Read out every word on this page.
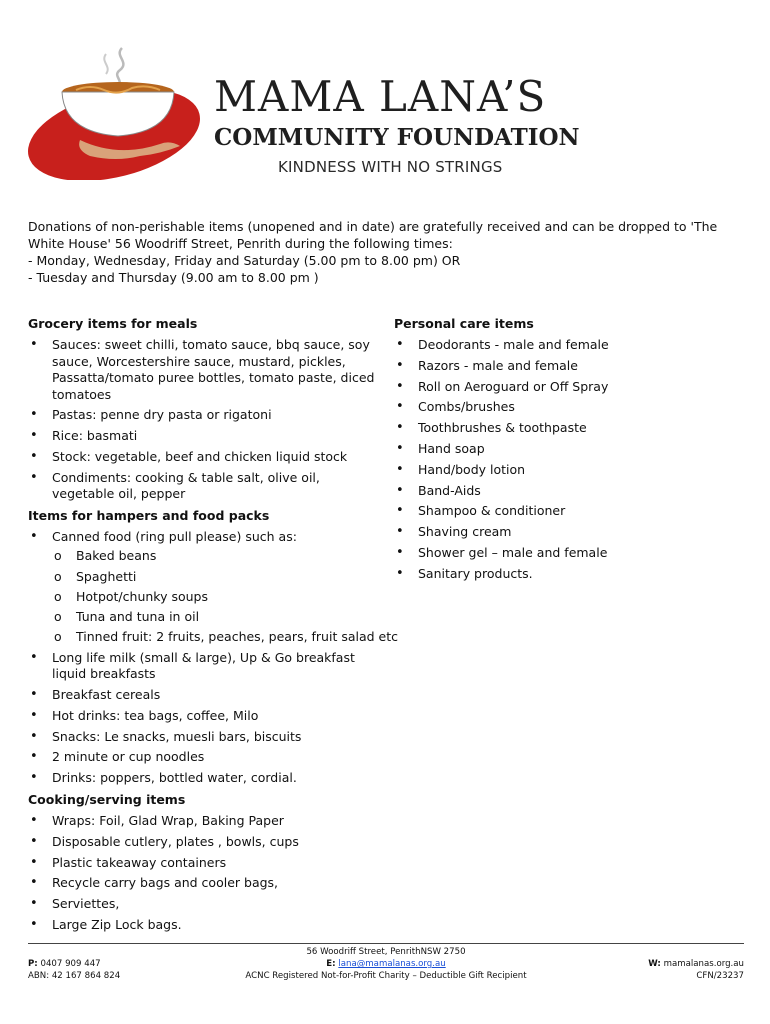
MAMA LANA’S
COMMUNITY FOUNDATION
KINDNESS WITH NO STRINGS

Donations of non-perishable items (unopened and in date) are gratefully received and can be dropped to 'The

White House' 56 Woodriff Street, Penrith during the following times:

- Monday, Wednesday, Friday and Saturday (5.00 pm to 8.00 pm) OR

- Tuesday and Thursday (9.00 am to 8.00 pm )

Grocery items for meals
• Sauces: sweet chilli, tomato sauce, bbq sauce, soy sauce, Worcestershire sauce, mustard, pickles, Passatta/tomato puree bottles, tomato paste, diced tomatoes
• Pastas: penne dry pasta or rigatoni
• Rice: basmati
• Stock: vegetable, beef and chicken liquid stock
• Condiments: cooking & table salt, olive oil, vegetable oil, pepper
Items for hampers and food packs
• Canned food (ring pull please) such as:
o Baked beans
o Spaghetti
o Hotpot/chunky soups
o Tuna and tuna in oil
o Tinned fruit: 2 fruits, peaches, pears, fruit salad etc
• Long life milk (small & large), Up & Go breakfast liquid breakfasts
• Breakfast cereals
• Hot drinks: tea bags, coffee, Milo
• Snacks: Le snacks, muesli bars, biscuits
• 2 minute or cup noodles
• Drinks: poppers, bottled water, cordial.
Cooking/serving items
• Wraps: Foil, Glad Wrap, Baking Paper
• Disposable cutlery, plates , bowls, cups
• Plastic takeaway containers
• Recycle carry bags and cooler bags,
• Serviettes,
• Large Zip Lock bags.
Personal care items
• Deodorants - male and female
• Razors - male and female
• Roll on Aeroguard or Off Spray
• Combs/brushes
• Toothbrushes & toothpaste
• Hand soap
• Hand/body lotion
• Band-Aids
• Shampoo & conditioner
• Shaving cream
• Shower gel – male and female
• Sanitary products.
P: 0407 909 447
ABN: 42 167 864 824
56 Woodriff Street, PenrithNSW 2750
E: lana@mamalanas.org.au
ACNC Registered Not-for-Profit Charity – Deductible Gift Recipient
W: mamalanas.org.au
CFN/23237
